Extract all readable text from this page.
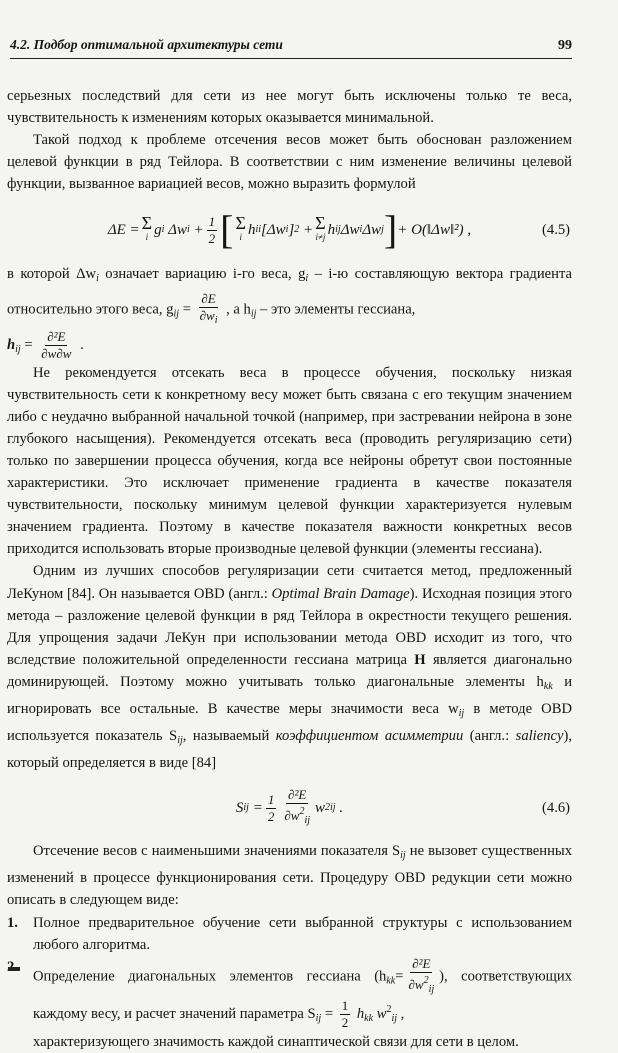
4.2. Подбор оптимальной архитектуры сети	99

серьезных последствий для сети из нее могут быть исключены только те веса, чувствительность к изменениям которых оказывается минимальной.

Такой подход к проблеме отсечения весов может быть обоснован разложением целевой функции в ряд Тейлора. В соответствии с ним изменение величины целевой функции, вызванное вариацией весов, можно выразить формулой

ΔE = Σ
i g i Δw $i + \frac{1}{2}$ [ Σ
i h ii [Δw i ] 2 + Σ
i≠j h ij Δw i Δw j ] + O(‖Δw‖²) ,	(4.5)

в которой $\Delta w_i$ означает вариацию i-го веса, $g_i - i-ю$ составляющую вектора градиента относительно этого веса, $g_{ij} = \frac{\partial E}{\partial w_i}$ , а $h_{ij}$ – это элементы гессиана,
$h_{ij} = \frac{\text{∂²E}}{\partial w\partial w}$ .

Не рекомендуется отсекать веса в процессе обучения, поскольку низкая чувствительность сети к конкретному весу может быть связана с его текущим значением либо с неудачно выбранной начальной точкой (например, при застревании нейрона в зоне глубокого насыщения). Рекомендуется отсекать веса (проводить регуляризацию сети) только по завершении процесса обучения, когда все нейроны обретут свои постоянные характеристики. Это исключает применение градиента в качестве показателя чувствительности, поскольку минимум целевой функции характеризуется нулевым значением градиента. Поэтому в качестве показателя важности конкретных весов приходится использовать вторые производные целевой функции (элементы гессиана).

Одним из лучших способов регуляризации сети считается метод, предложенный ЛеКуном [84]. Он называется OBD (англ.: Optimal Brain Damage). Исходная позиция этого метода – разложение целевой функции в ряд Тейлора в окрестности текущего решения. Для упрощения задачи ЛеКун при использовании метода OBD исходит из того, что вследствие положительной определенности гессиана матрица H является диагонально доминирующей. Поэтому можно учитывать только диагональные элементы $h_{kk}$ и игнорировать все остальные. В качестве меры значимости веса $w_{ij}$ в методе OBD используется показатель $S_{ij}$, называемый коэффициентом асимметрии (англ.: saliency), который определяется в виде [84]

S ij
= $\frac{1}{2} \frac{\text{∂²E}}{\partial w^2_{ij}}$ w 2 ij .	(4.6)

Отсечение весов с наименьшими значениями показателя $S_{ij}$ не вызовет существенных изменений в процессе функционирования сети. Процедуру OBD редукции сети можно описать в следующем виде:

1.	Полное предварительное обучение сети выбранной структуры с использованием любого алгоритма.
Определение диагональных элементов гессиана ($h_{kk}= \frac{\text{∂²E}}{\partial w^2_{ij}}$ ), соответствующих каждому весу, и расчет значений параметра $S_{ij} = \frac{1}{2} h_{kk}$ $w^2_{ij}$ ,
характеризующего значимость каждой синаптической связи для сети в целом.
